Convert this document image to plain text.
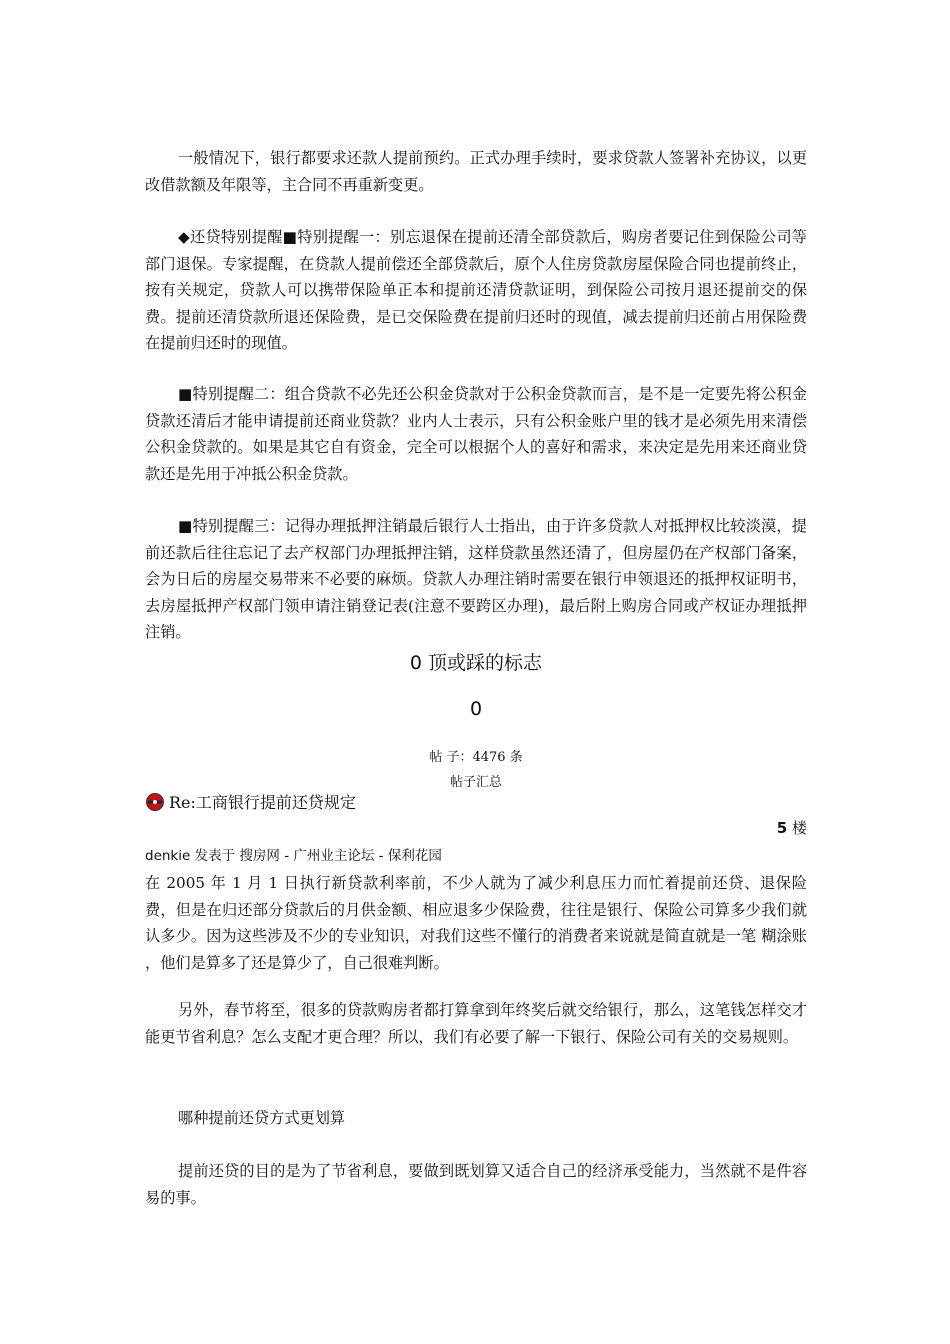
一般情况下，银行都要求还款人提前预约。正式办理手续时，要求贷款人签署补充协议，以更改借款额及年限等，主合同不再重新变更。

◆还贷特别提醒■特别提醒一：别忘退保在提前还清全部贷款后，购房者要记住到保险公司等部门退保。专家提醒，在贷款人提前偿还全部贷款后，原个人住房贷款房屋保险合同也提前终止，按有关规定，贷款人可以携带保险单正本和提前还清贷款证明，到保险公司按月退还提前交的保费。提前还清贷款所退还保险费，是已交保险费在提前归还时的现值，减去提前归还前占用保险费在提前归还时的现值。

■特别提醒二：组合贷款不必先还公积金贷款对于公积金贷款而言，是不是一定要先将公积金贷款还清后才能申请提前还商业贷款？业内人士表示，只有公积金账户里的钱才是必须先用来清偿公积金贷款的。如果是其它自有资金，完全可以根据个人的喜好和需求，来决定是先用来还商业贷款还是先用于冲抵公积金贷款。

■特别提醒三：记得办理抵押注销最后银行人士指出，由于许多贷款人对抵押权比较淡漠，提前还款后往往忘记了去产权部门办理抵押注销，这样贷款虽然还清了，但房屋仍在产权部门备案，会为日后的房屋交易带来不必要的麻烦。贷款人办理注销时需要在银行申领退还的抵押权证明书，去房屋抵押产权部门领申请注销登记表(注意不要跨区办理)，最后附上购房合同或产权证办理抵押注销。

0 顶或踩的标志
0
帖 子：4476 条
帖子汇总
Re:工商银行提前还贷规定
5 楼
denkie 发表于 搜房网 - 广州业主论坛 - 保利花园

在 2005 年 1 月 1 日执行新贷款利率前，不少人就为了减少利息压力而忙着提前还贷、退保险费，但是在归还部分贷款后的月供金额、相应退多少保险费，往往是银行、保险公司算多少我们就认多少。因为这些涉及不少的专业知识，对我们这些不懂行的消费者来说就是简直就是一笔 糊涂账 ，他们是算多了还是算少了，自己很难判断。

另外，春节将至，很多的贷款购房者都打算拿到年终奖后就交给银行，那么，这笔钱怎样交才能更节省利息？怎么支配才更合理？所以，我们有必要了解一下银行、保险公司有关的交易规则。

哪种提前还贷方式更划算

提前还贷的目的是为了节省利息，要做到既划算又适合自己的经济承受能力，当然就不是件容易的事。
